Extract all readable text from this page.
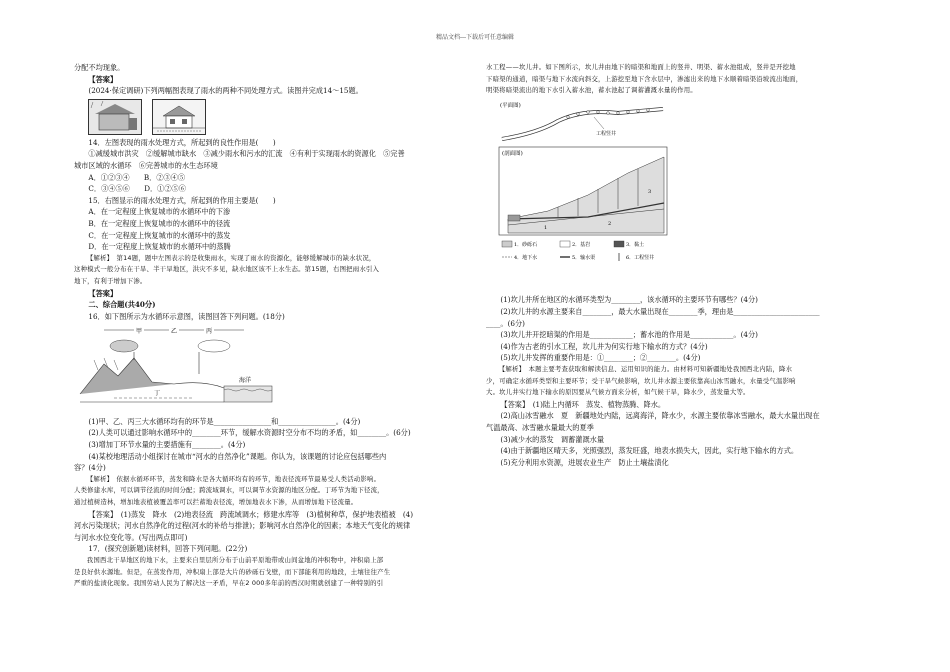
精品文档---下载后可任意编辑

分配不均现象。

【答案】

(2024·保定调研)下列两幅图表现了雨水的两种不同处理方式。读图并完成14～15题。

14．左图表现的雨水处理方式，所起到的良性作用是(　　)

①减缓城市洪灾　②缓解城市缺水　③减少雨水和污水的汇流　④有利于实现雨水的资源化　⑤完善

城市区域的水循环　⑥完善城市的水生态环境

A．①②③④　　B．②③④⑤

C．③④⑤⑥　　D．①②⑤⑥

15．右图显示的雨水处理方式，所起到的作用主要是(　　)

A．在一定程度上恢复城市的水循环中的下渗

B．在一定程度上恢复城市的水循环中的径流

C．在一定程度上恢复城市的水循环中的蒸发

D．在一定程度上恢复城市的水循环中的蒸腾

【解析】　第14题，题中左图表示的是收集雨水，实现了雨水的资源化，能够缓解城市的缺水状况，

这种模式一般分布在干旱、半干旱地区，洪灾不多见，缺水地区该不上水生态。第15题，右图把雨水引入

地下，有利于增加下渗。

【答案】

二、综合题(共40分)

16．如下图所示为水循环示意图，读图回答下列问题。(18分)

甲	乙	丙
海洋
丁

(1)甲、乙、丙三大水循环均有的环节是________________和________________。(4分)

(2)人类可以通过影响水循环中的________环节，缓解水资源时空分布不均的矛盾，如________。(6分)

(3)增加丁环节水量的主要措施有________。(4分)

(4)某校地理活动小组探讨在城市“河水的自然净化”课题。你认为，该课题的讨论应包括哪些内

容？(4分)

【解析】　依据水循环环节，蒸发和降水是各大循环均有的环节，地表径流环节最易受人类活动影响。

人类修建水库，可以调节径流的时间分配；跨流域调水，可以调节水资源的地区分配。丁环节为地下径流，

通过植树造林，增加地表植被覆盖率可以拦蓄地表径流，增加地表水下渗，从而增加地下径流量。

【答案】　(1)蒸发　降水　(2)地表径流　跨流域调水；修建水库等　(3)植树种草，保护地表植被　(4)

河水污染现状；河水自然净化的过程(河水的补给与排泄)；影响河水自然净化的因素；本地天气变化的规律

与河水水位变化等。(写出两点即可)

17．(探究创新题)读材料，回答下列问题。(22分)

我国西北干旱地区的地下水，主要来自里层所分布于山前平原地带或山间盆地的冲积物中，冲积扇上部

是良好供水源地。但是，在蒸发作用，冲积扇上部是大片的砂砾石戈壁，而下部能利用的地段，土壤往往产生

严重的盐渍化现象。我国劳动人民为了解决这一矛盾，早在2 000多年前的西汉时期就创建了一种特别的引

水工程——坎儿井。如下图所示，坎儿井由地下的暗渠和地面上的竖井、明渠、蓄水池组成，竖井是开挖地

下暗渠的通道，暗渠与地下水流向斜交，上游挖至地下含水层中，渗滤出来的地下水顺着暗渠沿坡流出地面，

明渠将暗渠流出的地下水引入蓄水池，蓄水池起了调蓄灌溉水量的作用。

(平面图)
工程竖井
(剖面图)
1
2
3
1．砂砾石	2．基岩	3．黏土
4．地下水	5．输水渠	6．工程竖井

(1)坎儿井所在地区的水循环类型为________，该水循环的主要环节有哪些？(4分)

(2)坎儿井的水源主要来自________，最大水量出现在________季，理由是________________________

____。(6分)

(3)坎儿井开挖暗渠的作用是____________；蓄水池的作用是____________。(4分)

(4)作为古老的引水工程，坎儿井为何实行地下输水的方式？(4分)

(5)坎儿井发挥的重要作用是：①________；②________。(4分)

【解析】　本题主要考查获取和解读信息、运用知识的能力。由材料可知新疆地处我国西北内陆，降水

少，可确定水循环类型和主要环节；受干旱气候影响，坎儿井水源主要依靠高山冰雪融水，水量受气温影响

大。坎儿井实行地下输水的原因要从气候方面来分析，如气候干旱，降水少，蒸发量大等。

【答案】　(1)陆上内循环　蒸发、植物蒸腾、降水。

(2)高山冰雪融水　夏　新疆地处内陆，远离海洋，降水少，水源主要依靠冰雪融水，最大水量出现在

气温最高、冰雪融水量最大的夏季

(3)减少水的蒸发　调蓄灌溉水量

(4)由于新疆地区晴天多，光照强烈，蒸发旺盛，地表水损失大，因此，实行地下输水的方式。

(5)充分利用水资源，进展农业生产　防止土壤盐渍化
